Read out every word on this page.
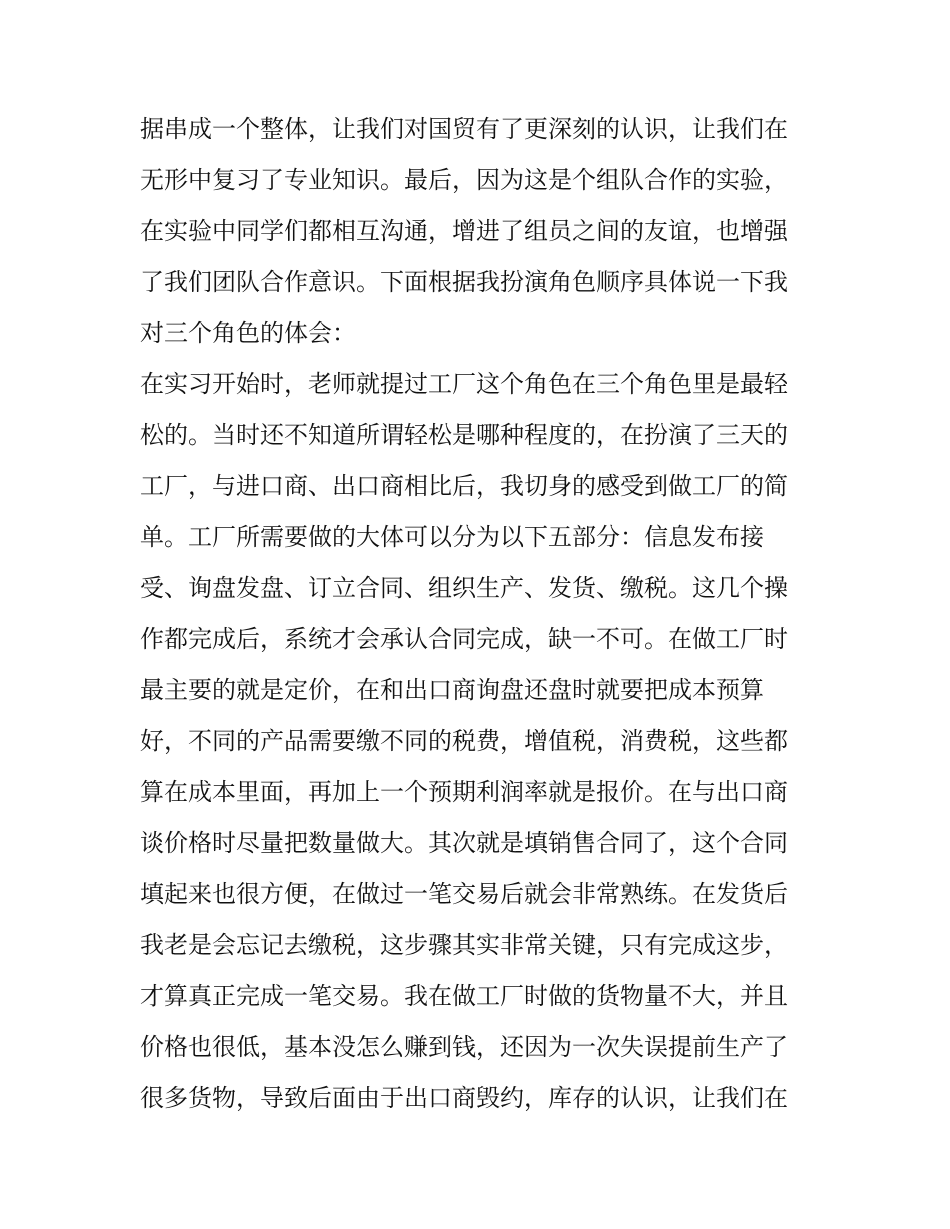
据串成一个整体，让我们对国贸有了更深刻的认识，让我们在
无形中复习了专业知识。最后，因为这是个组队合作的实验，
在实验中同学们都相互沟通，增进了组员之间的友谊，也增强
了我们团队合作意识。下面根据我扮演角色顺序具体说一下我
对三个角色的体会：
在实习开始时，老师就提过工厂这个角色在三个角色里是最轻
松的。当时还不知道所谓轻松是哪种程度的，在扮演了三天的
工厂，与进口商、出口商相比后，我切身的感受到做工厂的简
单。工厂所需要做的大体可以分为以下五部分：信息发布接
受、询盘发盘、订立合同、组织生产、发货、缴税。这几个操
作都完成后，系统才会承认合同完成，缺一不可。在做工厂时
最主要的就是定价，在和出口商询盘还盘时就要把成本预算
好，不同的产品需要缴不同的税费，增值税，消费税，这些都
算在成本里面，再加上一个预期利润率就是报价。在与出口商
谈价格时尽量把数量做大。其次就是填销售合同了，这个合同
填起来也很方便，在做过一笔交易后就会非常熟练。在发货后
我老是会忘记去缴税，这步骤其实非常关键，只有完成这步，
才算真正完成一笔交易。我在做工厂时做的货物量不大，并且
价格也很低，基本没怎么赚到钱，还因为一次失误提前生产了
很多货物，导致后面由于出口商毁约，库存的认识，让我们在
